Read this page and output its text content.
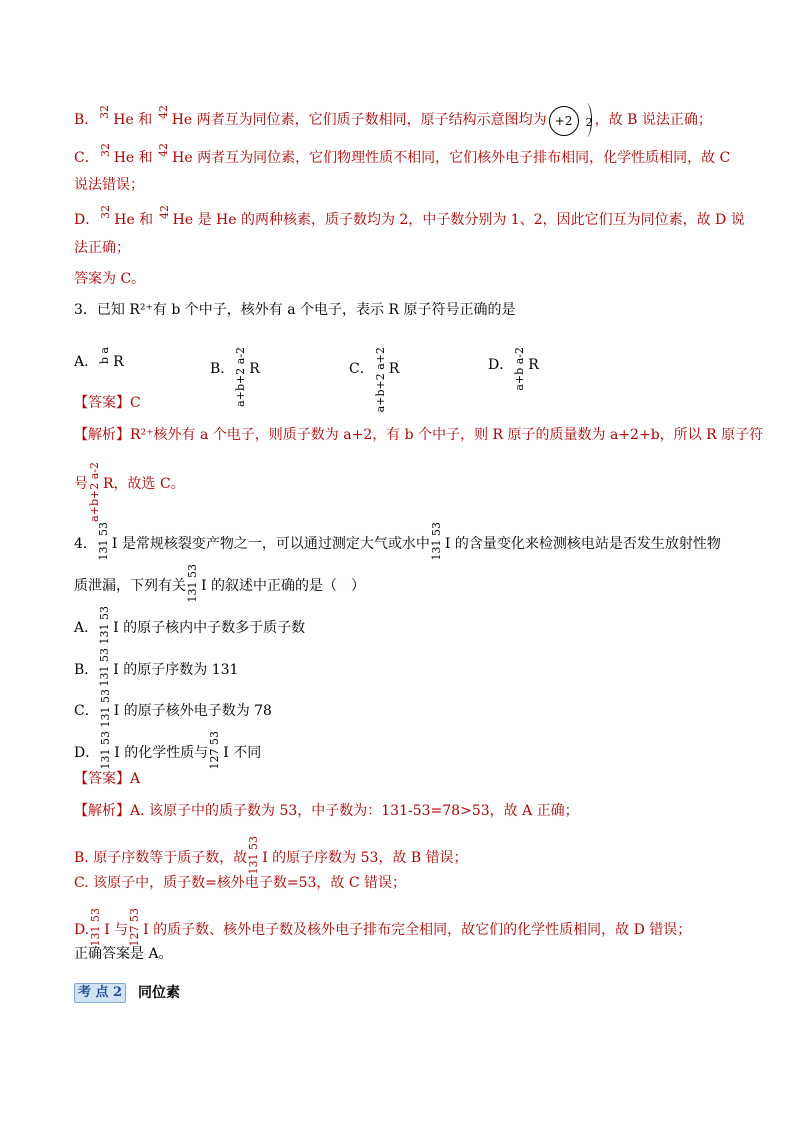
B． 32 He 和 42 He 两者互为同位素，它们质子数相同，原子结构示意图均为 +2	2 ，故 B 说法正确；
C． 32 He 和 42 He 两者互为同位素，它们物理性质不相同，它们核外电子排布相同，化学性质相同，故 C
说法错误；
D． 32 He 和 42 He 是 He 的两种核素，质子数均为 2，中子数分别为 1、2，因此它们互为同位素，故 D 说
法正确；
答案为 C。
3．已知 R²⁺有 b 个中子，核外有 a 个电子，表示 R 原子符号正确的是
A． b a R	B． a+b+2 a-2 R	C． a+b+2 a+2 R	D． a+b a-2 R
【答案】C
【解析】R²⁺核外有 a 个电子，则质子数为 a+2，有 b 个中子，则 R 原子的质量数为 a+2+b，所以 R 原子符
号 a+b+2 a-2 R，故选 C。
4． 131 53 I 是常规核裂变产物之一，可以通过测定大气或水中 131 53 I 的含量变化来检测核电站是否发生放射性物
质泄漏，下列有关 131 53 I 的叙述中正确的是（　）
A． 131 53 I 的原子核内中子数多于质子数
B． 131 53 I 的原子序数为 131
C． 131 53 I 的原子核外电子数为 78
D． 131 53 I 的化学性质与 127 53 I 不同
【答案】A
【解析】A. 该原子中的质子数为 53，中子数为：131-53=78>53，故 A 正确；
B. 原子序数等于质子数，故 131 53 I 的原子序数为 53，故 B 错误；
C. 该原子中，质子数=核外电子数=53，故 C 错误；
D. 131 53 I 与 127 53 I 的质子数、核外电子数及核外电子排布完全相同，故它们的化学性质相同，故 D 错误；
正确答案是 A。
考 点 2 同位素
